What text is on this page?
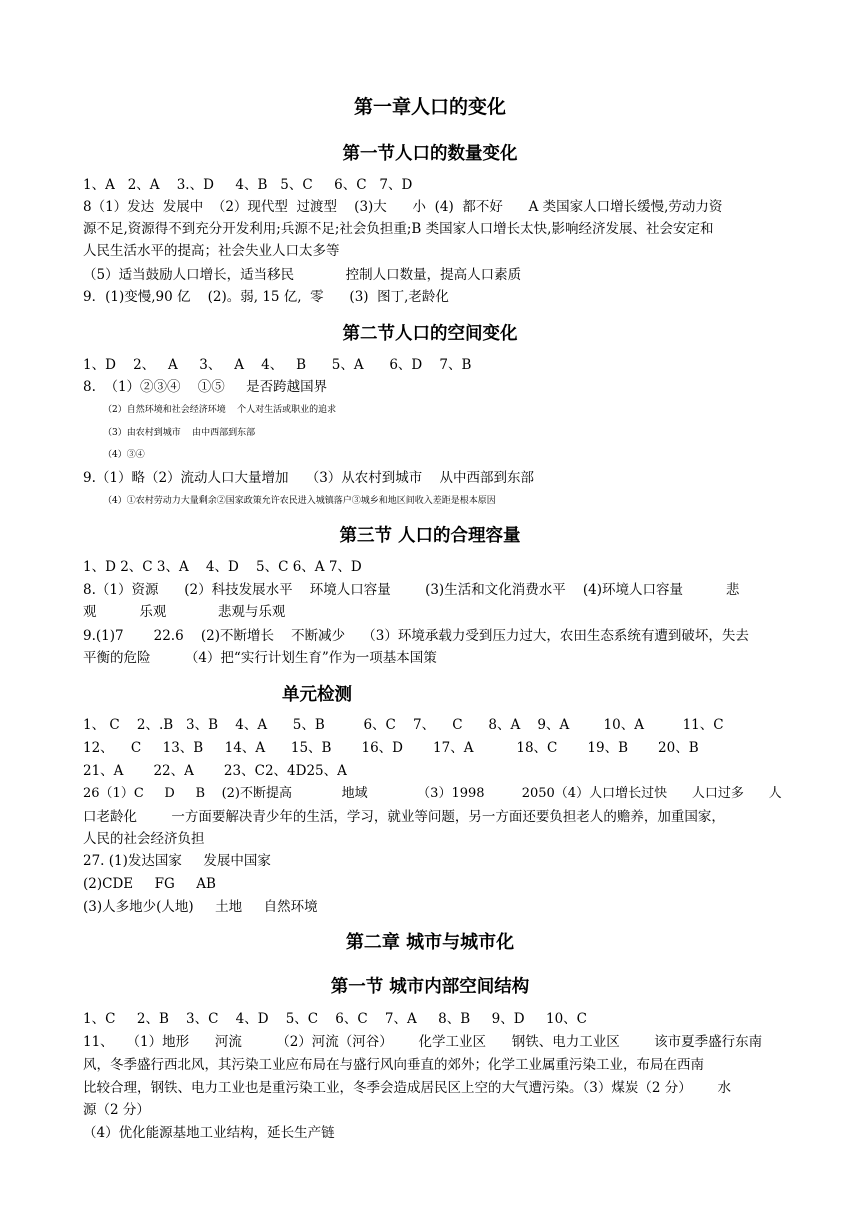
第一章人口的变化
第一节人口的数量变化
1、A   2、A    3.、D     4、B   5、C     6、C   7、D
8（1）发达  发展中  （2）现代型  过渡型    (3)大      小  (4)  都不好      A 类国家人口增长缓慢,劳动力资
源不足,资源得不到充分开发利用;兵源不足;社会负担重;B 类国家人口增长太快,影响经济发展、社会安定和
人民生活水平的提高；社会失业人口太多等
（5）适当鼓励人口增长，适当移民            控制人口数量，提高人口素质
9．(1)变慢,90 亿    (2)。弱, 15 亿,  零      (3)  图丁,老龄化
第二节人口的空间变化
1、D    2、   A     3、   A    4、   B      5、A      6、D    7、B
8.  （1）②③④    ①⑤     是否跨越国界
（2）自然环境和社会经济环境    个人对生活或职业的追求
（3）由农村到城市    由中西部到东部
（4）③④
9.（1）略（2）流动人口大量增加    （3）从农村到城市    从中西部到东部
（4）①农村劳动力大量剩余②国家政策允许农民进入城镇落户③城乡和地区间收入差距是根本原因
第三节 人口的合理容量
1、D 2、C 3、A    4、D    5、C 6、A 7、D
8.（1）资源      (2）科技发展水平    环境人口容量        (3)生活和文化消费水平    (4)环境人口容量          悲
观          乐观            悲观与乐观
9.(1)7       22.6    (2)不断增长    不断减少    （3）环境承载力受到压力过大，农田生态系统有遭到破坏，失去
平衡的危险        （4）把“实行计划生育”作为一项基本国策
单元检测
1、 C    2、.B   3、B    4、A      5、B         6、C    7、    C      8、A    9、A        10、A         11、C
12、    C     13、B     14、A      15、B       16、D       17、A          18、C       19、B       20、B
21、A       22、A       23、C2、4D25、A
26（1）C     D     B    (2)不断提高            地域            （3）1998         2050（4）人口增长过快      人口过多      人
口老龄化        一方面要解决青少年的生活，学习，就业等问题，另一方面还要负担老人的赡养，加重国家，
人民的社会经济负担
27. (1)发达国家     发展中国家
(2)CDE     FG     AB
(3)人多地少(人地)     土地     自然环境
第二章 城市与城市化
第一节 城市内部空间结构
1、C     2、B    3、C    4、D    5、C    6、C    7、A     8、B     9、D     10、C
11、   （1）地形      河流        （2）河流（河谷）      化学工业区      钢铁、电力工业区        该市夏季盛行东南
风，冬季盛行西北风，其污染工业应布局在与盛行风向垂直的郊外；化学工业属重污染工业，布局在西南
比较合理，钢铁、电力工业也是重污染工业，冬季会造成居民区上空的大气遭污染。（3）煤炭（2 分）      水
源（2 分）
（4）优化能源基地工业结构，延长生产链
